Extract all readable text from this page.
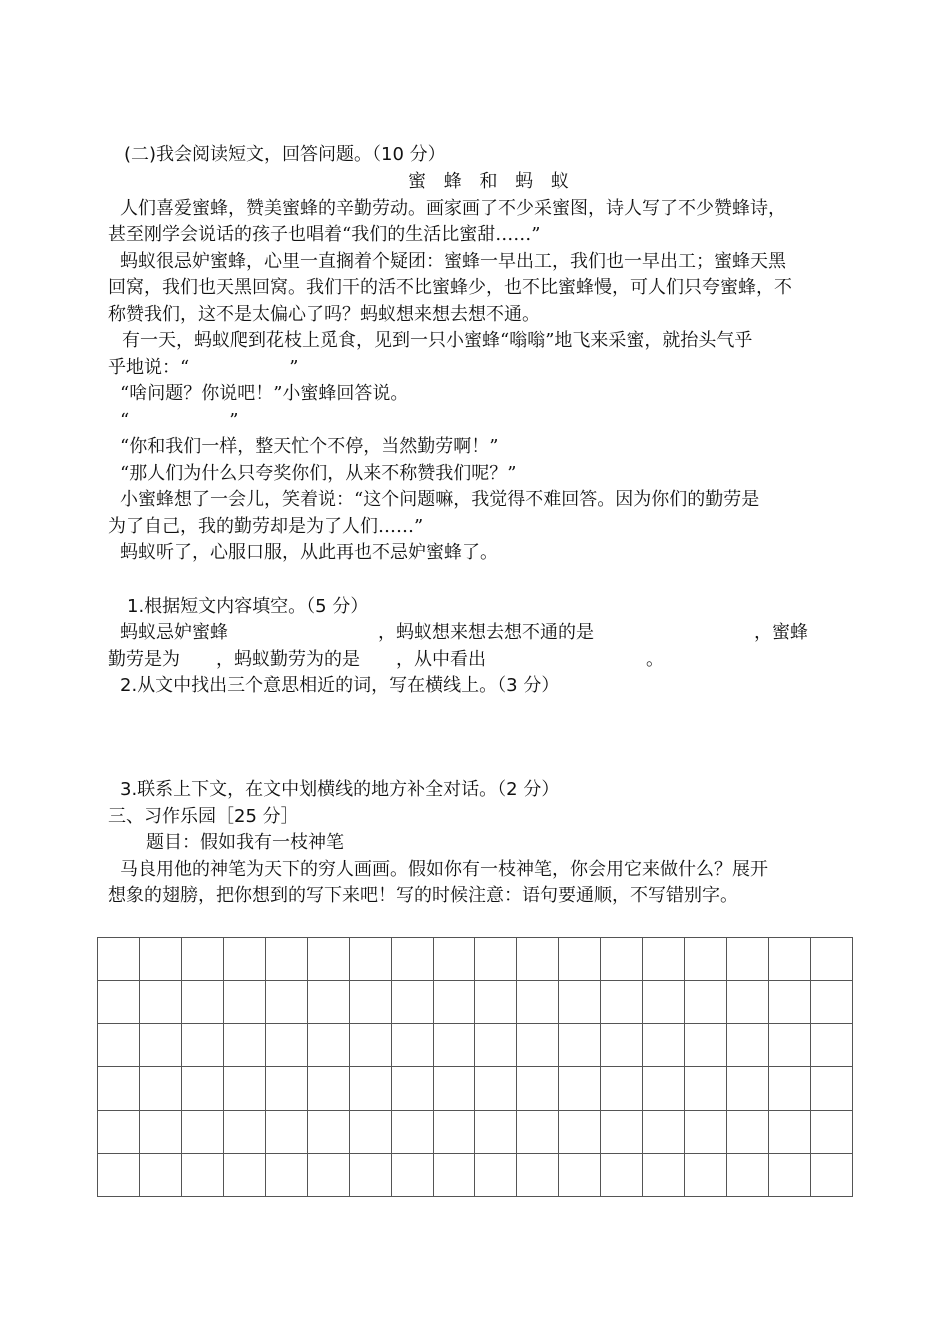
(二)我会阅读短文，回答问题。（10 分）
蜜 蜂 和 蚂 蚁
人们喜爱蜜蜂，赞美蜜蜂的辛勤劳动。画家画了不少采蜜图，诗人写了不少赞蜂诗，
甚至刚学会说话的孩子也唱着“我们的生活比蜜甜……”
蚂蚁很忌妒蜜蜂，心里一直搁着个疑团：蜜蜂一早出工，我们也一早出工；蜜蜂天黑
回窝，我们也天黑回窝。我们干的活不比蜜蜂少，也不比蜜蜂慢，可人们只夸蜜蜂，不
称赞我们，这不是太偏心了吗？蚂蚁想来想去想不通。
有一天，蚂蚁爬到花枝上觅食，见到一只小蜜蜂“嗡嗡”地飞来采蜜，就抬头气乎
乎地说：“	”
“啥问题？你说吧！”小蜜蜂回答说。
“	”
“你和我们一样，整天忙个不停，当然勤劳啊！”
“那人们为什么只夸奖你们，从来不称赞我们呢？”
小蜜蜂想了一会儿，笑着说：“这个问题嘛，我觉得不难回答。因为你们的勤劳是
为了自己，我的勤劳却是为了人们……”
蚂蚁听了，心服口服，从此再也不忌妒蜜蜂了。
1.根据短文内容填空。（5 分）
蚂蚁忌妒蜜蜂	，蚂蚁想来想去想不通的是	，蜜蜂
勤劳是为 ，蚂蚁勤劳为的是 ，从中看出	。
2.从文中找出三个意思相近的词，写在横线上。（3 分）
3.联系上下文，在文中划横线的地方补全对话。（2 分）
三、习作乐园［25 分］
题目：假如我有一枝神笔
马良用他的神笔为天下的穷人画画。假如你有一枝神笔，你会用它来做什么？展开
想象的翅膀，把你想到的写下来吧！写的时候注意：语句要通顺，不写错别字。
